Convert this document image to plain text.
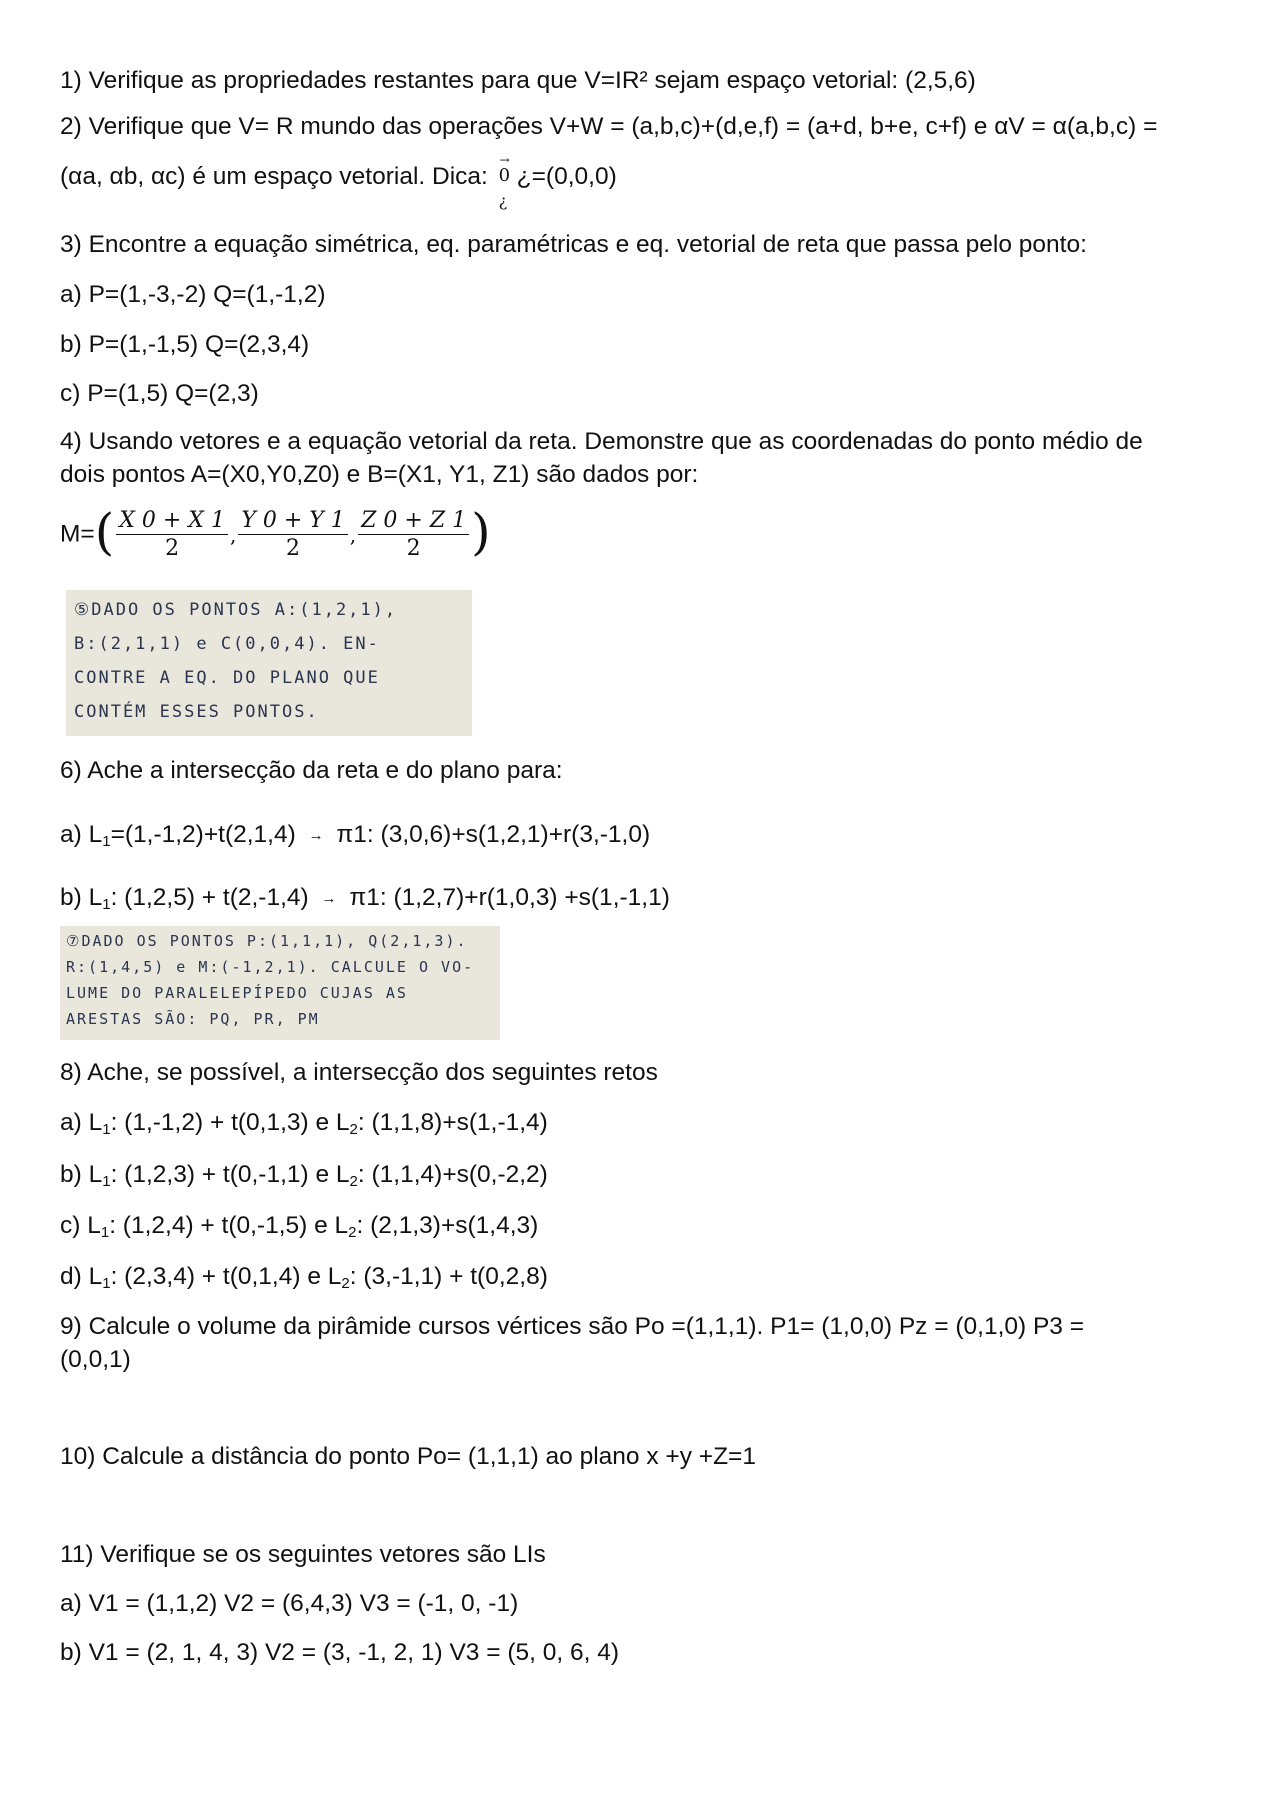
1) Verifique as propriedades restantes para que V=IR² sejam espaço vetorial: (2,5,6)
2) Verifique que V= R mundo das operações V+W = (a,b,c)+(d,e,f) = (a+d, b+e, c+f) e αV = α(a,b,c) =
(αa, αb, αc) é um espaço vetorial. Dica:
→
0
¿
¿=(0,0,0)
3) Encontre a equação simétrica, eq. paramétricas e eq. vetorial de reta que passa pelo ponto:
a) P=(1,-3,-2) Q=(1,-1,2)
b) P=(1,-1,5) Q=(2,3,4)
c) P=(1,5) Q=(2,3)
4) Usando vetores e a equação vetorial da reta. Demonstre que as coordenadas do ponto médio de
dois pontos A=(X0,Y0,Z0) e B=(X1, Y1, Z1) são dados por:
$M=( \frac{X 0 + X 1}{2}$ , $\frac{Y 0 + Y 1}{2}$ , $\frac{Z 0 + Z 1}{2}$ )
⑤DADO OS PONTOS A:(1,2,1),
B:(2,1,1) e C(0,0,4). EN-
CONTRE A EQ. DO PLANO QUE
CONTÉM ESSES PONTOS.
6) Ache a intersecção da reta e do plano para:
a) $L_1=(1,-1,2)+t(2,1,4) \to \pi 1$: (3,0,6)+s(1,2,1)+r(3,-1,0)
b) $L_1$: (1,2,5) + t(2,-1,4) → π1: (1,2,7)+r(1,0,3) +s(1,-1,1)
⑦DADO OS PONTOS P:(1,1,1), Q(2,1,3).
R:(1,4,5) e M:(-1,2,1). CALCULE O VO-
LUME DO PARALELEPÍPEDO CUJAS AS
ARESTAS SÃO: PQ, PR, PM
8) Ache, se possível, a intersecção dos seguintes retos
a) $L_1$: (1,-1,2) + t(0,1,3) e $L_2$: (1,1,8)+s(1,-1,4)
b) $L_1$: (1,2,3) + t(0,-1,1) e $L_2$: (1,1,4)+s(0,-2,2)
c) $L_1$: (1,2,4) + t(0,-1,5) e $L_2$: (2,1,3)+s(1,4,3)
d) $L_1$: (2,3,4) + t(0,1,4) e $L_2$: (3,-1,1) + t(0,2,8)
9) Calcule o volume da pirâmide cursos vértices são Po =(1,1,1). P1= (1,0,0) Pz = (0,1,0) P3 =
(0,0,1)
10) Calcule a distância do ponto Po= (1,1,1) ao plano x +y +Z=1
11) Verifique se os seguintes vetores são LIs
a) V1 = (1,1,2) V2 = (6,4,3) V3 = (-1, 0, -1)
b) V1 = (2, 1, 4, 3) V2 = (3, -1, 2, 1) V3 = (5, 0, 6, 4)
